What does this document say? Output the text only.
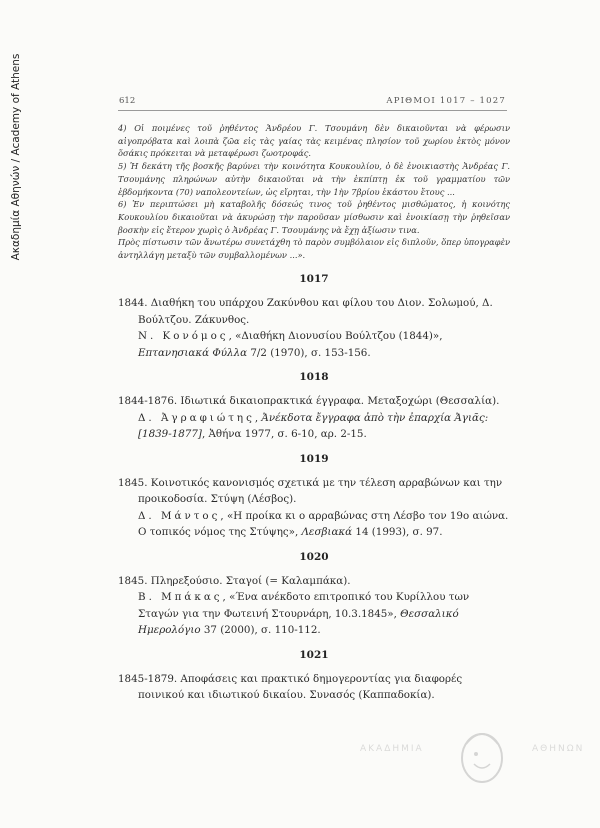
Ακαδημία Αθηνών / Academy of Athens	612	ΑΡΙΘΜΟΙ 1017 – 1027

4) Οἱ ποιμένες τοῦ ῥηθέντος Ἀνδρέου Γ. Τσουμάνη δὲν δικαιοῦνται νὰ φέρωσιν αἰγοπρόβατα καὶ λοιπὰ ζῶα εἰς τὰς γαίας τὰς κειμένας πλησίον τοῦ χωρίου ἐκτὸς μόνον ὅσάκις πρόκειται νὰ μεταφέρωσι ζωοτροφάς.

5) Ἡ δεκάτη τῆς βοσκῆς βαρύνει τὴν κοινότητα Κουκουλίου, ὁ δὲ ἐνοικιαστὴς Ἀνδρέας Γ. Τσουμάνης πληρώνων αὐτὴν δικαιοῦται νὰ τὴν ἐκπίπτῃ ἐκ τοῦ γραμματίου τῶν ἑβδομήκοντα (70) ναπολεοντείων, ὡς εἴρηται, τὴν 1ὴν 7βρίου ἑκάστου ἔτους ...

6) Ἐν περιπτώσει μὴ καταβολῆς δόσεώς τινος τοῦ ῥηθέντος μισθώματος, ἡ κοινότης Κουκουλίου δικαιοῦται νὰ ἀκυρώσῃ τὴν παροῦσαν μίσθωσιν καὶ ἐνοικίασῃ τὴν ῥηθεῖσαν βοσκὴν εἰς ἕτερον χωρὶς ὁ Ἀνδρέας Γ. Τσουμάνης νὰ ἔχῃ ἀξίωσιν τινα.

Πρὸς πίστωσιν τῶν ἄνωτέρω συνετάχθη τὸ παρὸν συμβόλαιον εἰς διπλοῦν, ὅπερ ὑπογραφὲν ἀντηλλάγη μεταξὺ τῶν συμβαλλομένων ...».

1017
1844. Διαθήκη του υπάρχου Ζακύνθου και φίλου του Διον. Σολωμού, Δ. Βούλτζου. Ζάκυνθος.
Ν. Κονόμος, «Διαθήκη Διονυσίου Βούλτζου (1844)», Επτανησιακά Φύλλα 7/2 (1970), σ. 153-156.
1018
1844-1876. Ιδιωτικά δικαιοπρακτικά έγγραφα. Μεταξοχώρι (Θεσσαλία).
Δ. Ἀγραφιώτης, Ἀνέκδοτα ἔγγραφα ἀπὸ τὴν ἐπαρχία Ἀγιᾶς: [1839-1877], Ἀθήνα 1977, σ. 6-10, αρ. 2-15.
1019
1845. Κοινοτικός κανονισμός σχετικά με την τέλεση αρραβώνων και την προικοδοσία. Στύψη (Λέσβος).
Δ. Μάντος, «Η προίκα κι ο αρραβώνας στη Λέσβο τον 19ο αιώνα. Ο τοπικός νόμος της Στύψης», Λεσβιακά 14 (1993), σ. 97.
1020
1845. Πληρεξούσιο. Σταγοί (= Καλαμπάκα).
Β. Μπάκας, «Ένα ανέκδοτο επιτροπικό του Κυρίλλου των Σταγών για την Φωτεινή Στουρνάρη, 10.3.1845», Θεσσαλικό Ημερολόγιο 37 (2000), σ. 110-112.
1021
1845-1879. Αποφάσεις και πρακτικό δημογεροντίας για διαφορές ποινικού και ιδιωτικού δικαίου. Συνασός (Καππαδοκία).
ΑΚΑΔΗΜΙΑ	ΑΘΗΝΩΝ
